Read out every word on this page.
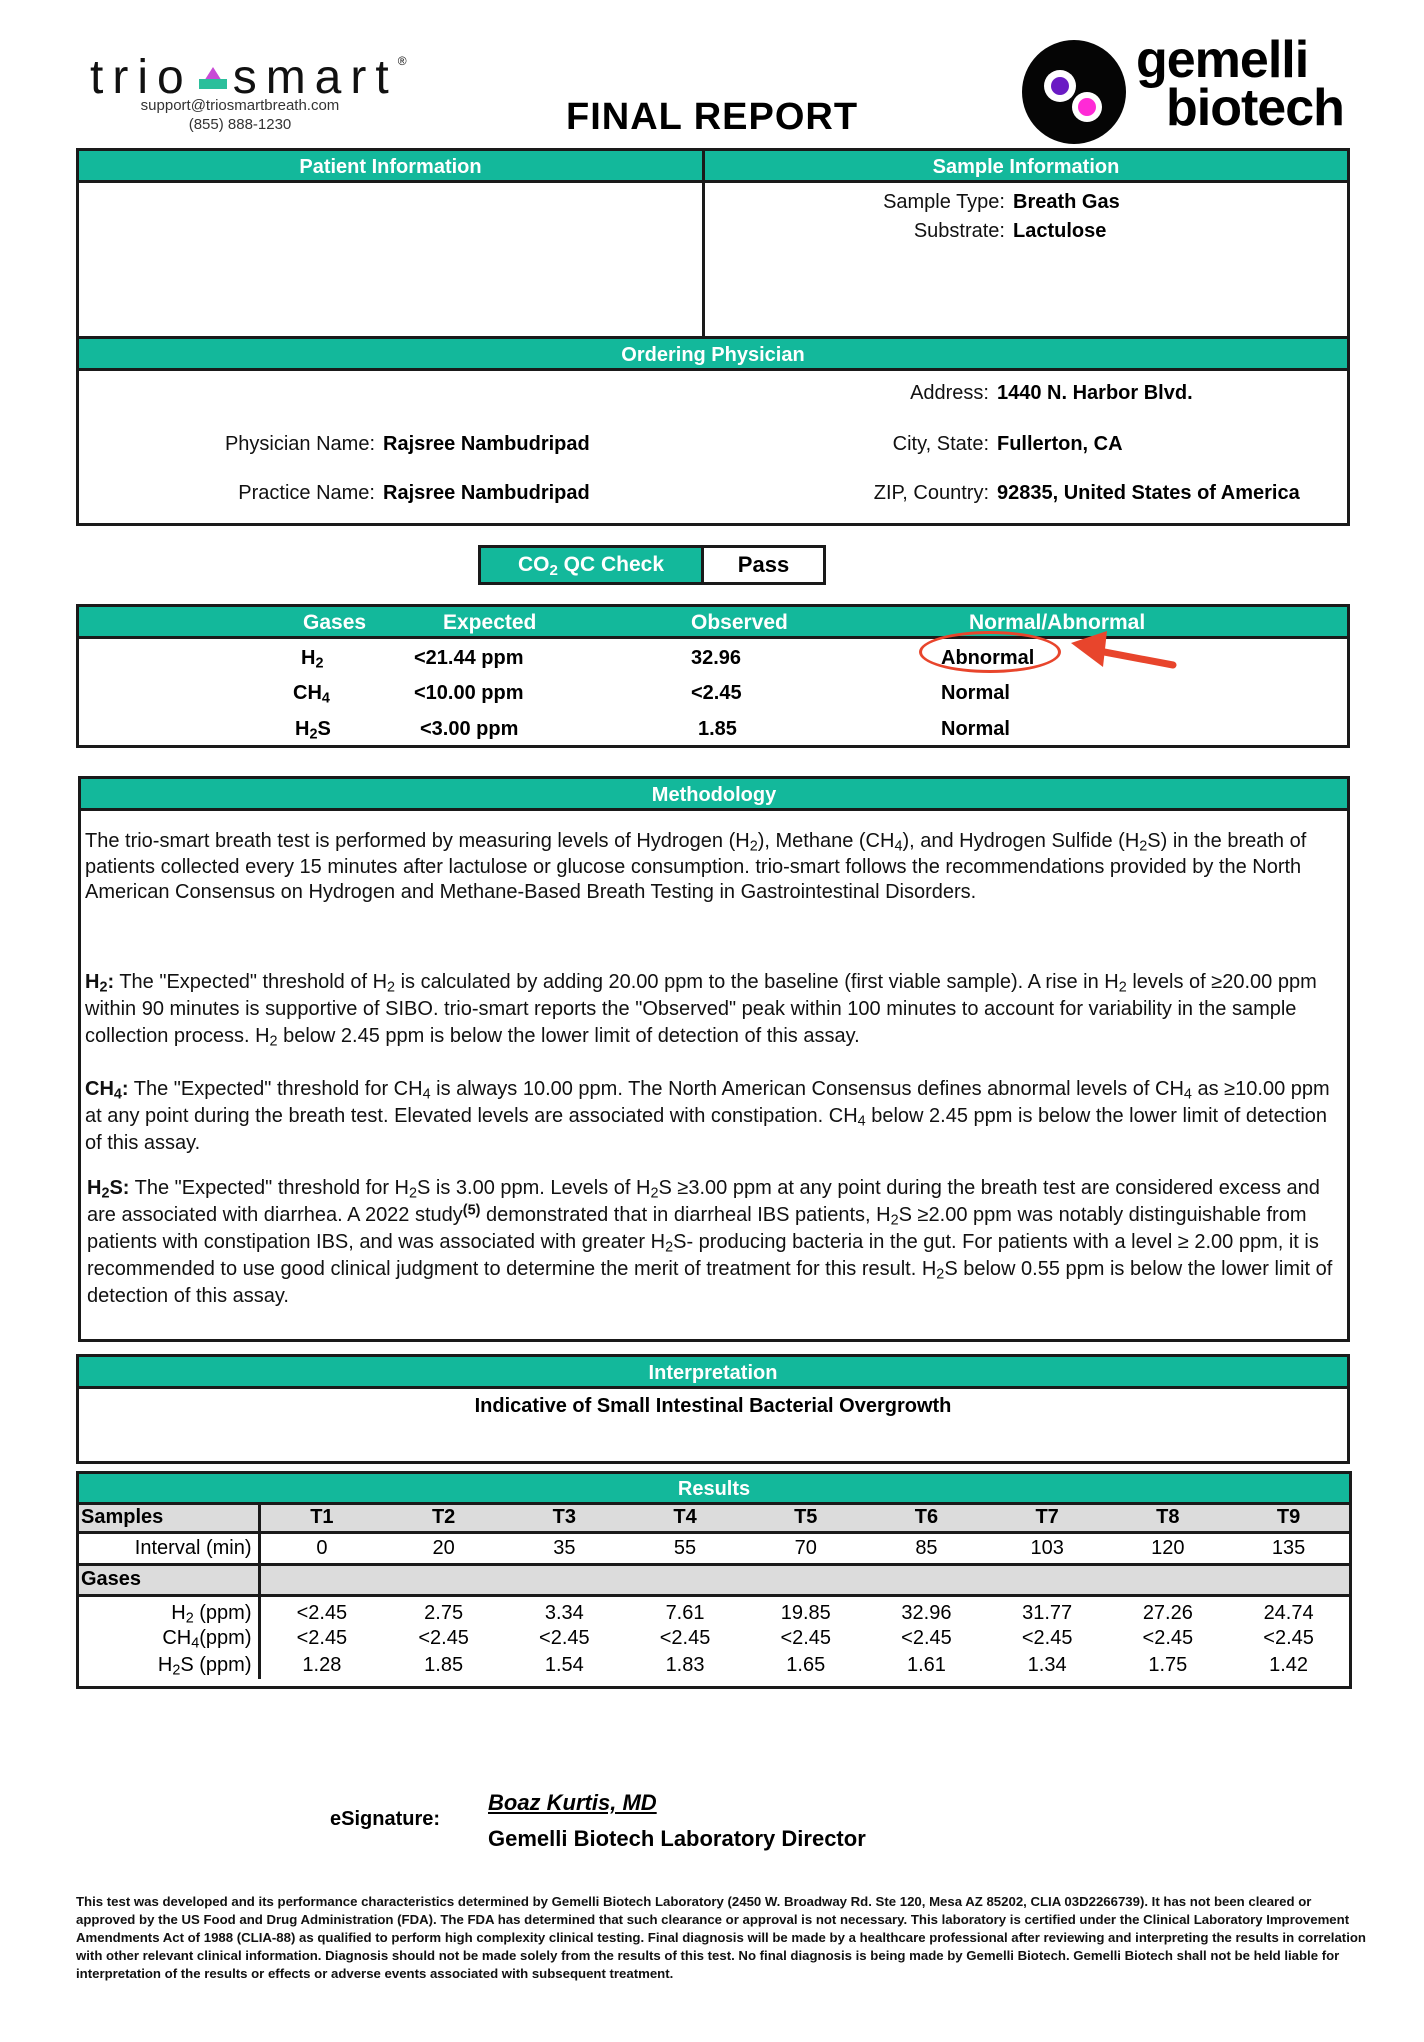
trio smart®
support@triosmartbreath.com
(855) 888-1230	FINAL REPORT
gemelli
biotech
Patient Information	Sample Information
Sample Type: Breath Gas
Substrate: Lactulose
Ordering Physician
Address: 1440 N. Harbor Blvd.
Physician Name: Rajsree Nambudripad	City, State: Fullerton, CA
Practice Name: Rajsree Nambudripad	ZIP, Country: 92835, United States of America
$CO_2$ QC Check	Pass
Gases	Expected	Observed	Normal/Abnormal
$H_2$	<21.44 ppm	32.96	Abnormal
$CH_4$	<10.00 ppm	<2.45	Normal
$H_2S$	<3.00 ppm	1.85	Normal
Methodology

The trio-smart breath test is performed by measuring levels of Hydrogen $(H_2)$, Methane $(CH_4)$, and Hydrogen Sulfide $(H_2S)$ in the breath of patients collected every 15 minutes after lactulose or glucose consumption. trio-smart follows the recommendations provided by the North American Consensus on Hydrogen and Methane-Based Breath Testing in Gastrointestinal Disorders.

$H_2$: The "Expected" threshold of $H_2$ is calculated by adding 20.00 ppm to the baseline (first viable sample). A rise in $H_2$ levels of ≥20.00 ppm within 90 minutes is supportive of SIBO. trio-smart reports the "Observed" peak within 100 minutes to account for variability in the sample collection process. $H_2$ below 2.45 ppm is below the lower limit of detection of this assay.

$CH_4$: The "Expected" threshold for $CH_4$ is always 10.00 ppm. The North American Consensus defines abnormal levels of $CH_4$ as ≥10.00 ppm at any point during the breath test. Elevated levels are associated with constipation. $CH_4$ below 2.45 ppm is below the lower limit of detection of this assay.

$H_2S$: The "Expected" threshold for $H_2S$ is 3.00 ppm. Levels of $H_2S \ge 3.00$ ppm at any point during the breath test are considered excess and are associated with diarrhea. A 2022 study$^{(5)}$ demonstrated that in diarrheal IBS patients, $H_2S \ge 2.00$ ppm was notably distinguishable from patients with constipation IBS, and was associated with greater $H_2S-$ producing bacteria in the gut. For patients with a level ≥ 2.00 ppm, it is recommended to use good clinical judgment to determine the merit of treatment for this result. $H_2S$ below 0.55 ppm is below the lower limit of detection of this assay.

Interpretation
Indicative of Small Intestinal Bacterial Overgrowth
Results
Samples	T1	T2	T3	T4	T5	T6	T7	T8	T9
Interval (min)	0	20	35	55	70	85	103	120	135
Gases									
$H_2$ (ppm)	<2.45	2.75	3.34	7.61	19.85	32.96	31.77	27.26	24.74
$CH_4(ppm)$	<2.45	<2.45	<2.45	<2.45	<2.45	<2.45	<2.45	<2.45	<2.45
$H_2S$ (ppm)	1.28	1.85	1.54	1.83	1.65	1.61	1.34	1.75	1.42
eSignature:
Boaz Kurtis, MD
Gemelli Biotech Laboratory Director
This test was developed and its performance characteristics determined by Gemelli Biotech Laboratory (2450 W. Broadway Rd. Ste 120, Mesa AZ 85202, CLIA 03D2266739). It has not been cleared or approved by the US Food and Drug Administration (FDA). The FDA has determined that such clearance or approval is not necessary. This laboratory is certified under the Clinical Laboratory Improvement Amendments Act of 1988 (CLIA-88) as qualified to perform high complexity clinical testing. Final diagnosis will be made by a healthcare professional after reviewing and interpreting the results in correlation with other relevant clinical information. Diagnosis should not be made solely from the results of this test. No final diagnosis is being made by Gemelli Biotech. Gemelli Biotech shall not be held liable for interpretation of the results or effects or adverse events associated with subsequent treatment.
